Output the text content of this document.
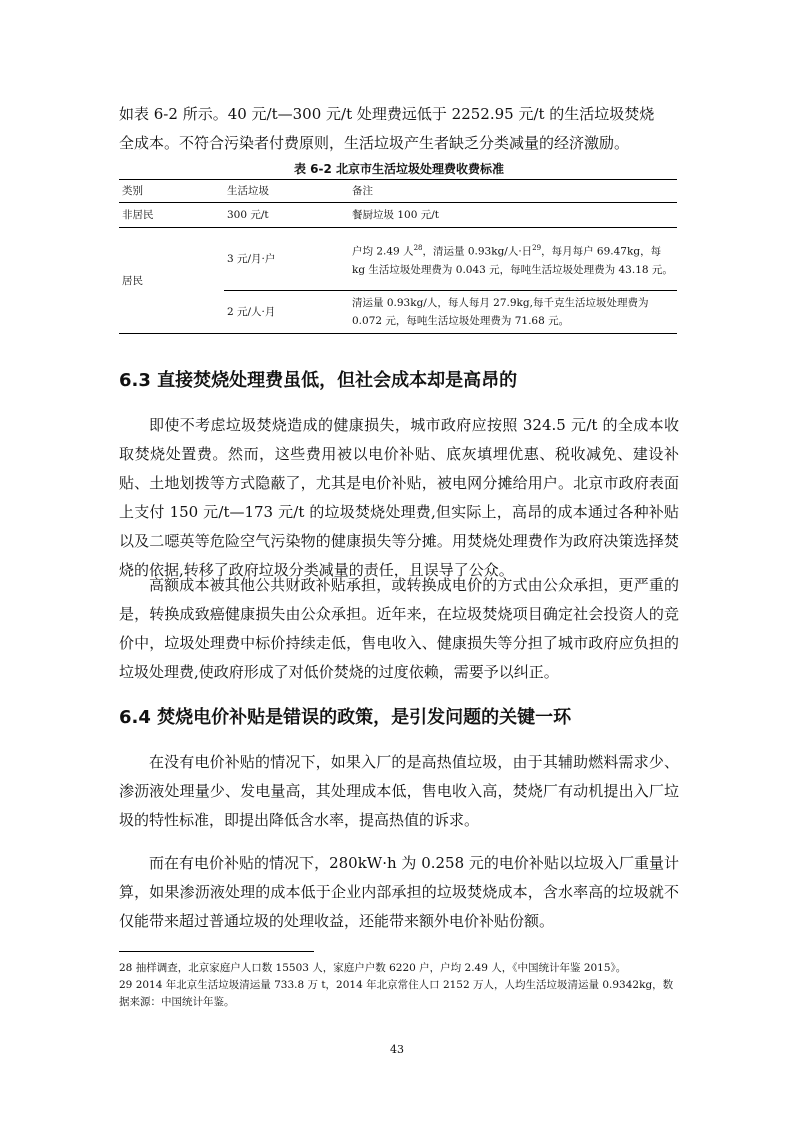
如表 6-2 所示。40 元/t—300 元/t 处理费远低于 2252.95 元/t 的生活垃圾焚烧
全成本。不符合污染者付费原则，生活垃圾产生者缺乏分类减量的经济激励。

表 6-2 北京市生活垃圾处理费收费标准
类别	生活垃圾	备注
非居民	300 元/t	餐厨垃圾 100 元/t
居民	3 元/月·户	户均 2.49 人$^{28}$，清运量 0.93kg/人·日$^{29}$，每月每户 69.47kg，每 kg 生活垃圾处理费为 0.043 元，每吨生活垃圾处理费为 43.18 元。
	2 元/人·月	清运量 0.93kg/人，每人每月 27.9kg,每千克生活垃圾处理费为 0.072 元，每吨生活垃圾处理费为 71.68 元。
6.3 直接焚烧处理费虽低，但社会成本却是高昂的

即使不考虑垃圾焚烧造成的健康损失，城市政府应按照 324.5 元/t 的全成本收取焚烧处置费。然而，这些费用被以电价补贴、底灰填埋优惠、税收减免、建设补贴、土地划拨等方式隐蔽了，尤其是电价补贴，被电网分摊给用户。北京市政府表面上支付 150 元/t—173 元/t 的垃圾焚烧处理费,但实际上，高昂的成本通过各种补贴以及二噁英等危险空气污染物的健康损失等分摊。用焚烧处理费作为政府决策选择焚烧的依据,转移了政府垃圾分类减量的责任，且误导了公众。

高额成本被其他公共财政补贴承担，或转换成电价的方式由公众承担，更严重的是，转换成致癌健康损失由公众承担。近年来，在垃圾焚烧项目确定社会投资人的竞价中，垃圾处理费中标价持续走低，售电收入、健康损失等分担了城市政府应负担的垃圾处理费,使政府形成了对低价焚烧的过度依赖，需要予以纠正。

6.4 焚烧电价补贴是错误的政策，是引发问题的关键一环

在没有电价补贴的情况下，如果入厂的是高热值垃圾，由于其辅助燃料需求少、渗沥液处理量少、发电量高，其处理成本低，售电收入高，焚烧厂有动机提出入厂垃圾的特性标准，即提出降低含水率，提高热值的诉求。

而在有电价补贴的情况下，280kW·h 为 0.258 元的电价补贴以垃圾入厂重量计算，如果渗沥液处理的成本低于企业内部承担的垃圾焚烧成本，含水率高的垃圾就不仅能带来超过普通垃圾的处理收益，还能带来额外电价补贴份额。

28 抽样调查，北京家庭户人口数 15503 人，家庭户户数 6220 户，户均 2.49 人，《中国统计年鉴 2015》。

29 2014 年北京生活垃圾清运量 733.8 万 t，2014 年北京常住人口 2152 万人，人均生活垃圾清运量 0.9342kg，数据来源：中国统计年鉴。

43
